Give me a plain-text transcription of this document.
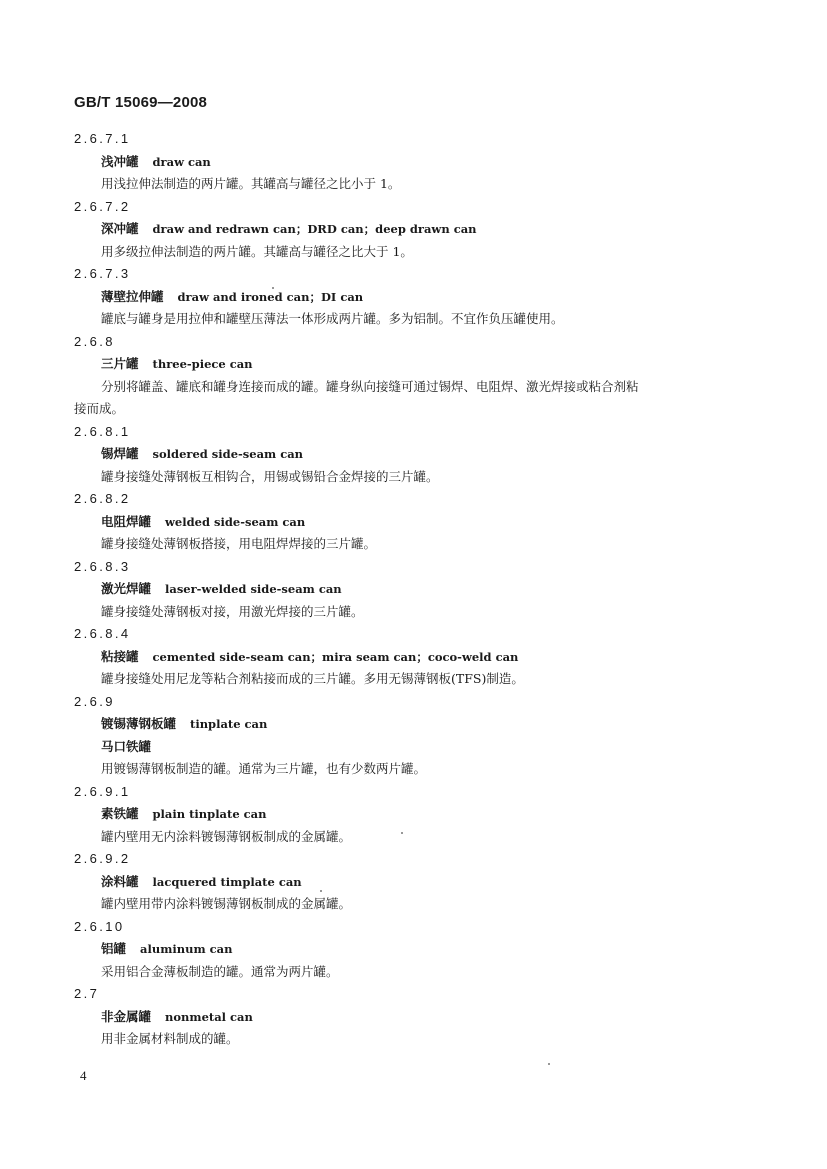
GB/T 15069—2008
2.6.7.1
浅冲罐 draw can
用浅拉伸法制造的两片罐。其罐高与罐径之比小于 1。
2.6.7.2
深冲罐 draw and redrawn can；DRD can；deep drawn can
用多级拉伸法制造的两片罐。其罐高与罐径之比大于 1。
2.6.7.3
薄壁拉伸罐 draw and ironed can；DI can
罐底与罐身是用拉伸和罐壁压薄法一体形成两片罐。多为铝制。不宜作负压罐使用。
2.6.8
三片罐 three-piece can
分别将罐盖、罐底和罐身连接而成的罐。罐身纵向接缝可通过锡焊、电阻焊、激光焊接或粘合剂粘
接而成。
2.6.8.1
锡焊罐 soldered side-seam can
罐身接缝处薄钢板互相钩合，用锡或锡铅合金焊接的三片罐。
2.6.8.2
电阻焊罐 welded side-seam can
罐身接缝处薄钢板搭接，用电阻焊焊接的三片罐。
2.6.8.3
激光焊罐 laser-welded side-seam can
罐身接缝处薄钢板对接，用激光焊接的三片罐。
2.6.8.4
粘接罐 cemented side-seam can；mira seam can；coco-weld can
罐身接缝处用尼龙等粘合剂粘接而成的三片罐。多用无锡薄钢板(TFS)制造。
2.6.9
镀锡薄钢板罐 tinplate can
马口铁罐
用镀锡薄钢板制造的罐。通常为三片罐，也有少数两片罐。
2.6.9.1
素铁罐 plain tinplate can
罐内壁用无内涂料镀锡薄钢板制成的金属罐。
2.6.9.2
涂料罐 lacquered timplate can
罐内壁用带内涂料镀锡薄钢板制成的金属罐。
2.6.10
铝罐 aluminum can
采用铝合金薄板制造的罐。通常为两片罐。
2.7
非金属罐 nonmetal can
用非金属材料制成的罐。
4
